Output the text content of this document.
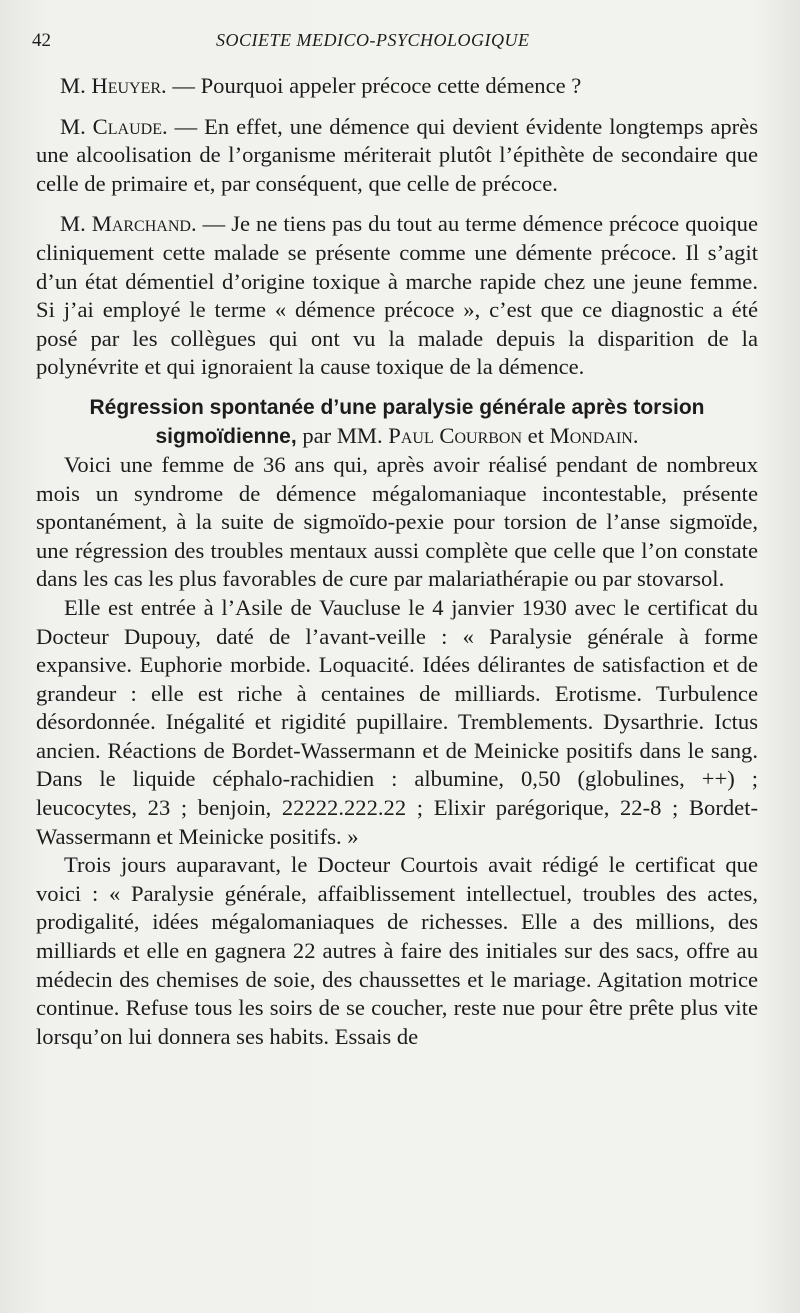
42	SOCIETE MEDICO-PSYCHOLOGIQUE

M. Heuyer. — Pourquoi appeler précoce cette démence ?

M. Claude. — En effet, une démence qui devient évidente longtemps après une alcoolisation de l’organisme mériterait plutôt l’épithète de secondaire que celle de primaire et, par conséquent, que celle de précoce.

M. Marchand. — Je ne tiens pas du tout au terme démence précoce quoique cliniquement cette malade se présente comme une démente précoce. Il s’agit d’un état démentiel d’origine toxique à marche rapide chez une jeune femme. Si j’ai employé le terme « démence précoce », c’est que ce diagnostic a été posé par les collègues qui ont vu la malade depuis la disparition de la polynévrite et qui ignoraient la cause toxique de la démence.

Régression spontanée d’une paralysie générale après torsion sigmoïdienne, par MM. Paul Courbon et Mondain.

Voici une femme de 36 ans qui, après avoir réalisé pendant de nombreux mois un syndrome de démence mégalomaniaque incontestable, présente spontanément, à la suite de sigmoïdo-pexie pour torsion de l’anse sigmoïde, une régression des troubles mentaux aussi complète que celle que l’on constate dans les cas les plus favorables de cure par malariathérapie ou par stovarsol.

Elle est entrée à l’Asile de Vaucluse le 4 janvier 1930 avec le certificat du Docteur Dupouy, daté de l’avant-veille : « Paralysie générale à forme expansive. Euphorie morbide. Loquacité. Idées délirantes de satisfaction et de grandeur : elle est riche à centaines de milliards. Erotisme. Turbulence désordonnée. Inégalité et rigidité pupillaire. Tremblements. Dysarthrie. Ictus ancien. Réactions de Bordet-Wassermann et de Meinicke positifs dans le sang. Dans le liquide céphalo-rachidien : albumine, 0,50 (globulines, ++) ; leucocytes, 23 ; benjoin, 22222.222.22 ; Elixir parégorique, 22-8 ; Bordet-Wassermann et Meinicke positifs. »

Trois jours auparavant, le Docteur Courtois avait rédigé le certificat que voici : « Paralysie générale, affaiblissement intellectuel, troubles des actes, prodigalité, idées mégalomaniaques de richesses. Elle a des millions, des milliards et elle en gagnera 22 autres à faire des initiales sur des sacs, offre au médecin des chemises de soie, des chaussettes et le mariage. Agitation motrice continue. Refuse tous les soirs de se coucher, reste nue pour être prête plus vite lorsqu’on lui donnera ses habits. Essais de
